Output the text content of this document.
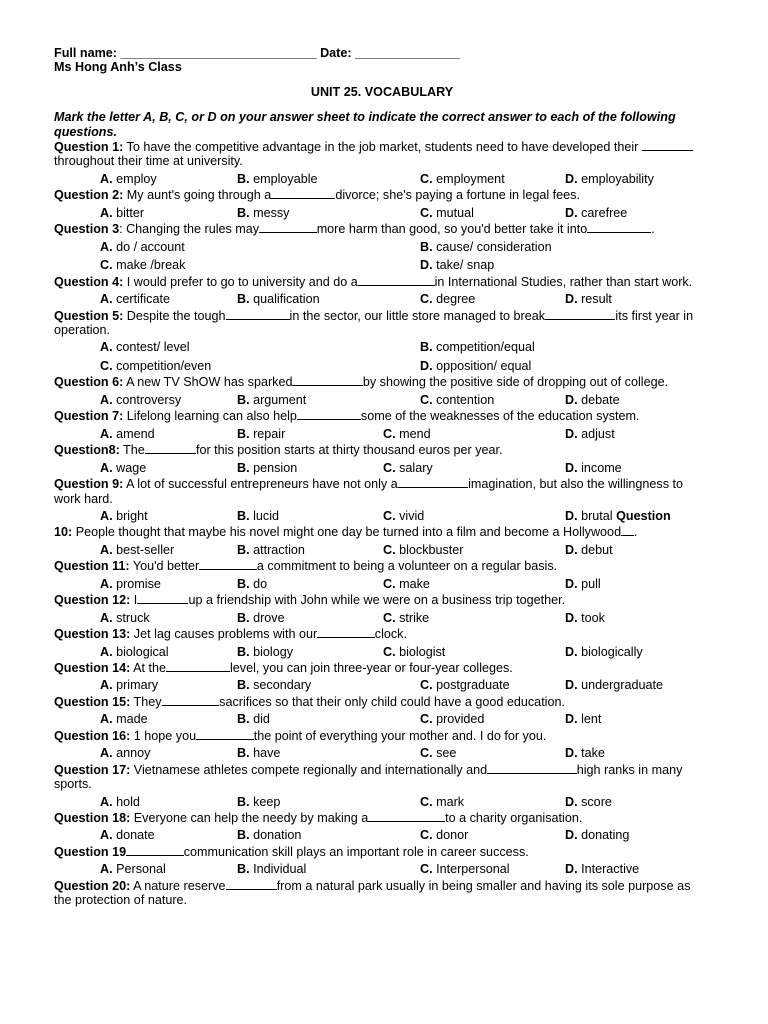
Full name: ____________________________ Date: _______________

Ms Hong Anh’s Class

UNIT 25. VOCABULARY

Mark the letter A, B, C, or D on your answer sheet to indicate the correct answer to each of the following questions.

Question 1: To have the competitive advantage in the job market, students need to have developed their throughout their time at university.

A. employ	B. employable	C. employment	D. employability

Question 2: My aunt's going through a	divorce; she's paying a fortune in legal fees.

A. bitter	B. messy	C. mutual	D. carefree

Question 3: Changing the rules may	more harm than good, so you'd better take it into	.

A. do / account	B. cause/ consideration
C. make /break	D. take/ snap

Question 4: I would prefer to go to university and do a	in International Studies, rather than start work.

A. certificate	B. qualification	C. degree	D. result

Question 5: Despite the tough	in the sector, our little store managed to break	its first year in operation.

A. contest/ level	B. competition/equal
C. competition/even	D. opposition/ equal

Question 6: A new TV ShOW has sparked	by showing the positive side of dropping out of college.

A. controversy	B. argument	C. contention	D. debate

Question 7: Lifelong learning can also help	some of the weaknesses of the education system.

A. amend	B. repair	C. mend	D. adjust

Question8: The	for this position starts at thirty thousand euros per year.

A. wage	B. pension	C. salary	D. income

Question 9: A lot of successful entrepreneurs have not only a	imagination, but also the willingness to work hard.

A. bright	B. lucid	C. vivid	D. brutal Question

10: People thought that maybe his novel might one day be turned into a film and become a Hollywood .

A. best-seller	B. attraction	C. blockbuster	D. debut

Question 11: You'd better	a commitment to being a volunteer on a regular basis.

A. promise	B. do	C. make	D. pull

Question 12: I	up a friendship with John while we were on a business trip together.

A. struck	B. drove	C. strike	D. took

Question 13: Jet lag causes problems with our	clock.

A. biological	B. biology	C. biologist	D. biologically

Question 14: At the	level, you can join three-year or four-year colleges.

A. primary	B. secondary	C. postgraduate	D. undergraduate

Question 15: They	sacrifices so that their only child could have a good education.

A. made	B. did	C. provided	D. lent

Question 16: 1 hope you	the point of everything your mother and. I do for you.

A. annoy	B. have	C. see	D. take

Question 17: Vietnamese athletes compete regionally and internationally and	high ranks in many sports.

A. hold	B. keep	C. mark	D. score

Question 18: Everyone can help the needy by making a	to a charity organisation.

A. donate	B. donation	C. donor	D. donating

Question 19	communication skill plays an important role in career success.

A. Personal	B. Individual	C. Interpersonal	D. Interactive

Question 20: A nature reserve	from a natural park usually in being smaller and having its sole purpose as the protection of nature.
